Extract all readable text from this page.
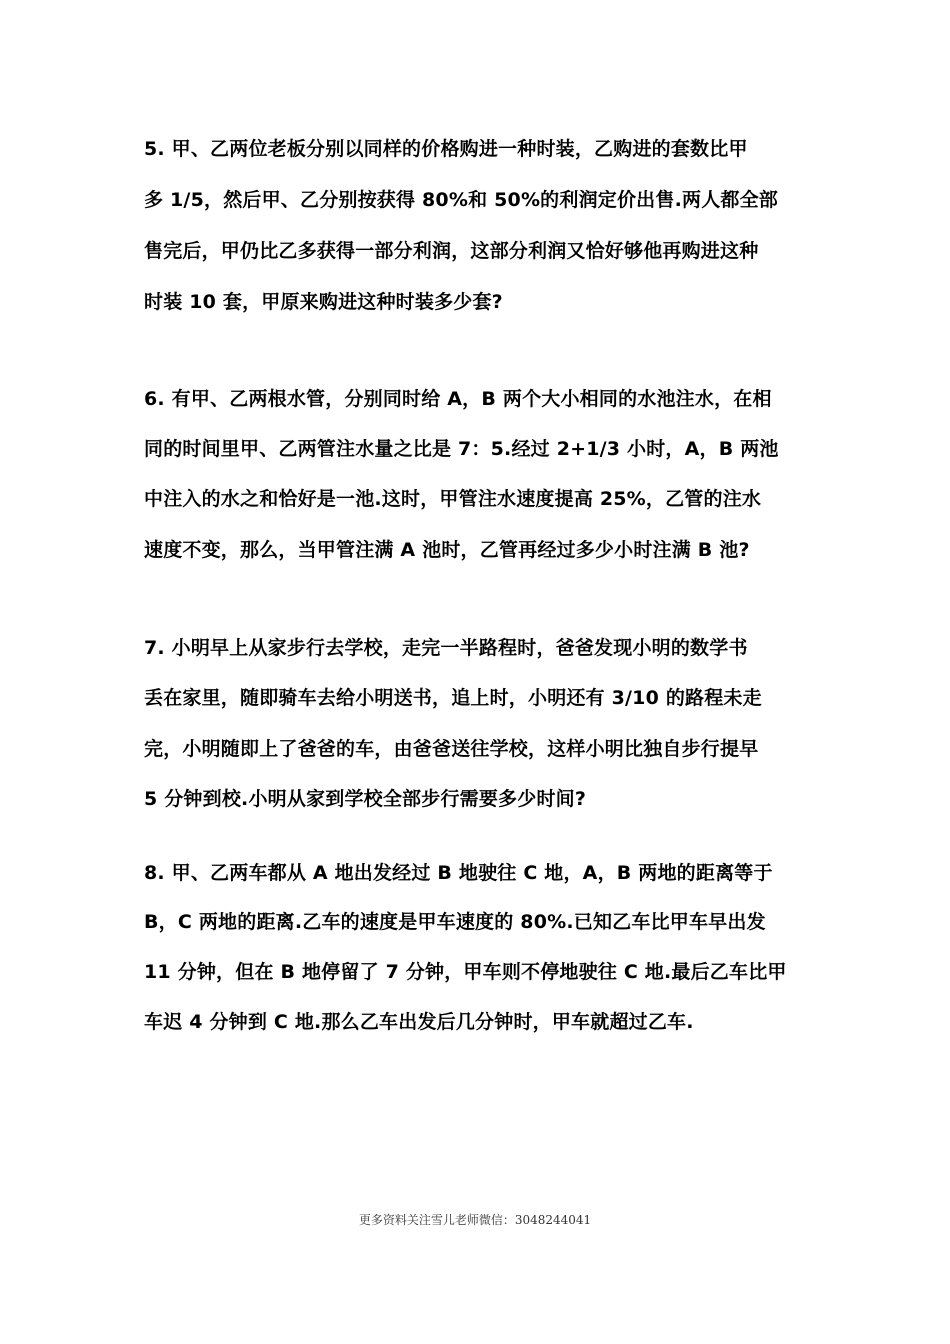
5. 甲、乙两位老板分别以同样的价格购进一种时装，乙购进的套数比甲
多 1/5，然后甲、乙分别按获得 80%和 50%的利润定价出售.两人都全部
售完后，甲仍比乙多获得一部分利润，这部分利润又恰好够他再购进这种
时装 10 套，甲原来购进这种时装多少套?
6. 有甲、乙两根水管，分别同时给 A，B 两个大小相同的水池注水，在相
同的时间里甲、乙两管注水量之比是 7：5.经过 2+1/3 小时，A，B 两池
中注入的水之和恰好是一池.这时，甲管注水速度提高 25%，乙管的注水
速度不变，那么，当甲管注满 A 池时，乙管再经过多少小时注满 B 池?
7. 小明早上从家步行去学校，走完一半路程时，爸爸发现小明的数学书
丢在家里，随即骑车去给小明送书，追上时，小明还有 3/10 的路程未走
完，小明随即上了爸爸的车，由爸爸送往学校，这样小明比独自步行提早
5 分钟到校.小明从家到学校全部步行需要多少时间?
8. 甲、乙两车都从 A 地出发经过 B 地驶往 C 地，A，B 两地的距离等于
B，C 两地的距离.乙车的速度是甲车速度的 80%.已知乙车比甲车早出发
11 分钟，但在 B 地停留了 7 分钟，甲车则不停地驶往 C 地.最后乙车比甲
车迟 4 分钟到 C 地.那么乙车出发后几分钟时，甲车就超过乙车.
更多资料关注雪儿老师微信：3048244041
